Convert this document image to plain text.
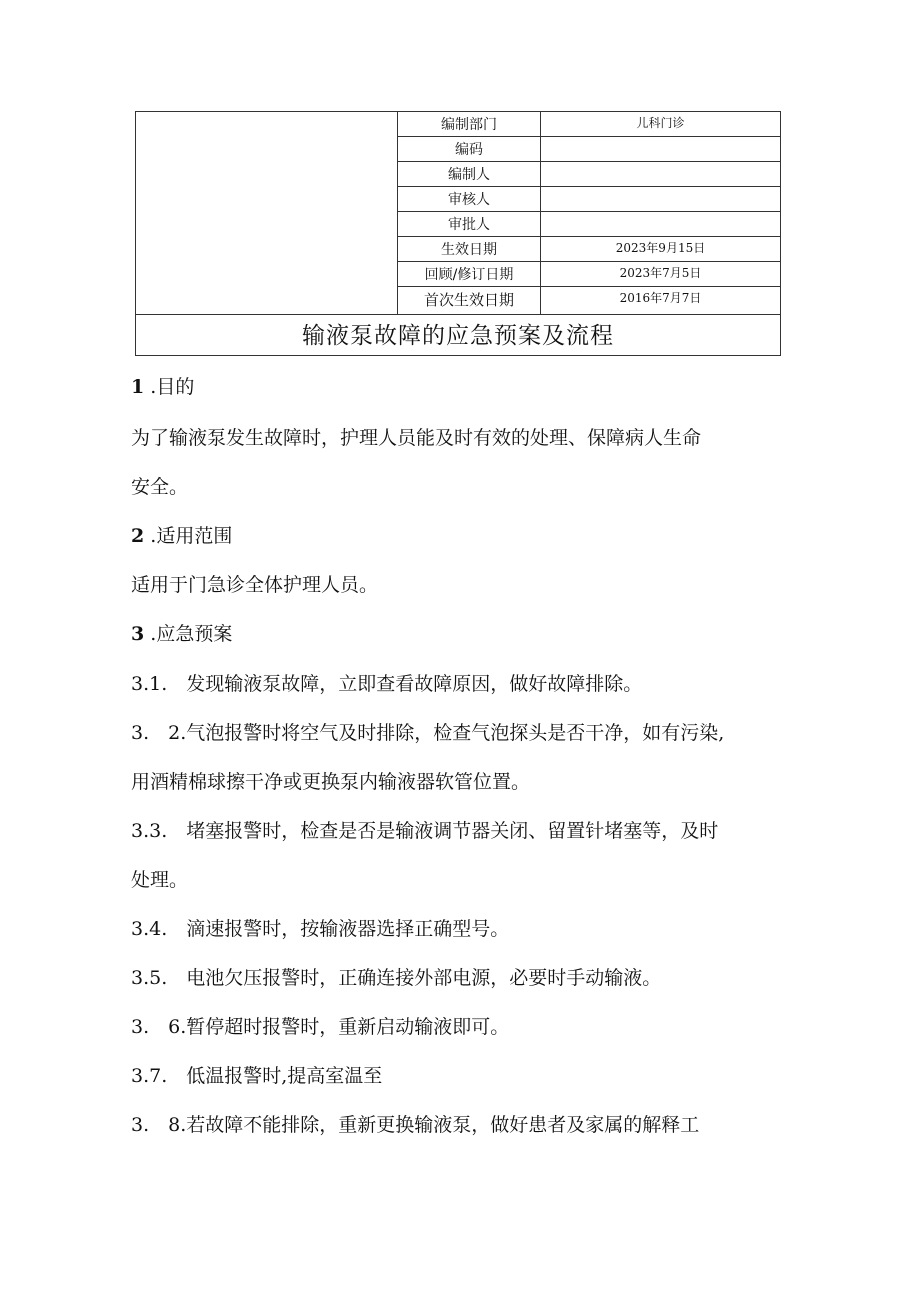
编制部门	儿科门诊
编码
编制人
审核人
审批人
生效日期	2023年9月15日
回顾/修订日期	2023年7月5日
首次生效日期	2016年7月7日
输液泵故障的应急预案及流程
1 .目的
为了输液泵发生故障时，护理人员能及时有效的处理、保障病人生命
安全。
2 .适用范围
适用于门急诊全体护理人员。
3 .应急预案
3.1.　发现输液泵故障，立即查看故障原因，做好故障排除。
3.　2.气泡报警时将空气及时排除，检查气泡探头是否干净，如有污染,
用酒精棉球擦干净或更换泵内输液器软管位置。
3.3.　堵塞报警时，检查是否是输液调节器关闭、留置针堵塞等，及时
处理。
3.4.　滴速报警时，按输液器选择正确型号。
3.5.　电池欠压报警时，正确连接外部电源，必要时手动输液。
3.　6.暂停超时报警时，重新启动输液即可。
3.7.　低温报警时,提高室温至
3.　8.若故障不能排除，重新更换输液泵，做好患者及家属的解释工
